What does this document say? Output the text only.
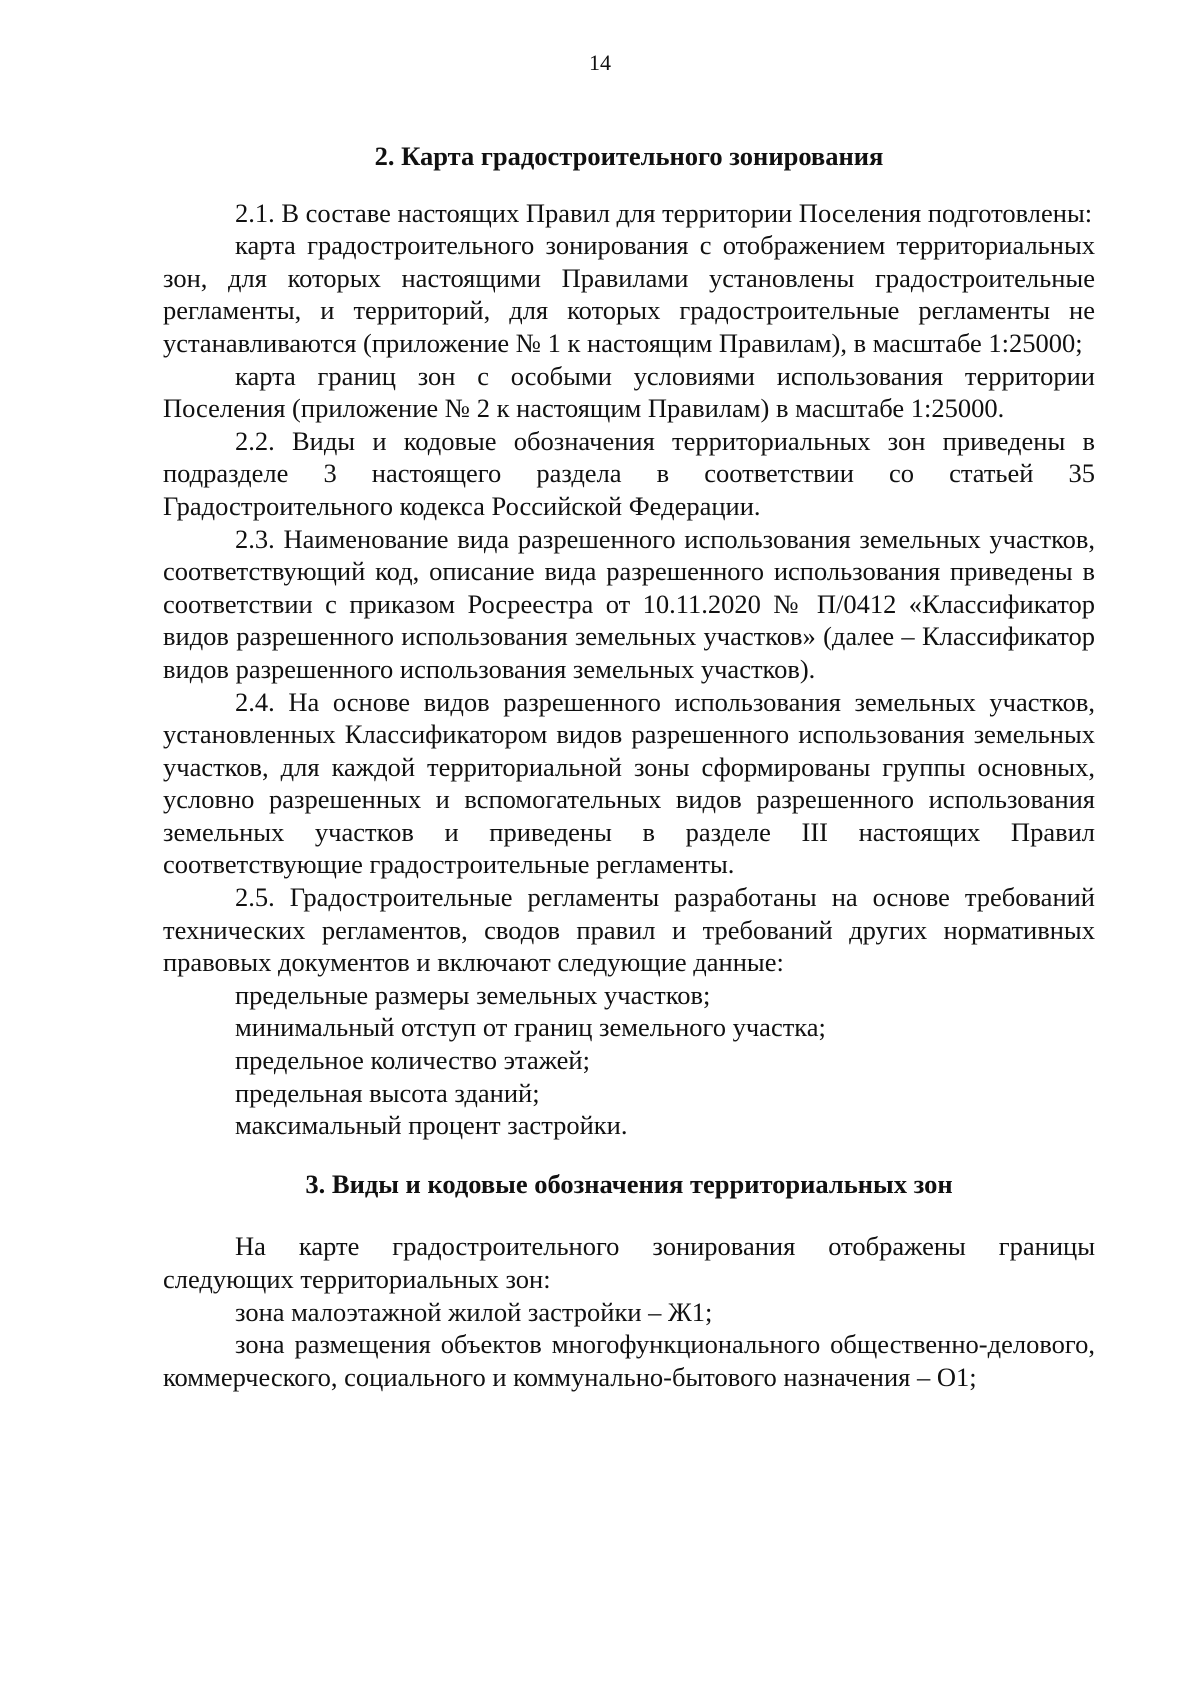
14
2. Карта градостроительного зонирования

2.1. В составе настоящих Правил для территории Поселения подготовлены:

карта градостроительного зонирования с отображением территориальных зон, для которых настоящими Правилами установлены градостроительные регламенты, и территорий, для которых градостроительные регламенты не устанавливаются (приложение № 1 к настоящим Правилам), в масштабе 1:25000;

карта границ зон с особыми условиями использования территории Поселения (приложение № 2 к настоящим Правилам) в масштабе 1:25000.

2.2. Виды и кодовые обозначения территориальных зон приведены в подразделе 3 настоящего раздела в соответствии со статьей 35 Градостроительного кодекса Российской Федерации.

2.3. Наименование вида разрешенного использования земельных участков, соответствующий код, описание вида разрешенного использования приведены в соответствии с приказом Росреестра от 10.11.2020 № П/0412 «Классификатор видов разрешенного использования земельных участков» (далее – Классификатор видов разрешенного использования земельных участков).

2.4. На основе видов разрешенного использования земельных участков, установленных Классификатором видов разрешенного использования земельных участков, для каждой территориальной зоны сформированы группы основных, условно разрешенных и вспомогательных видов разрешенного использования земельных участков и приведены в разделе III настоящих Правил соответствующие градостроительные регламенты.

2.5. Градостроительные регламенты разработаны на основе требований технических регламентов, сводов правил и требований других нормативных правовых документов и включают следующие данные:

предельные размеры земельных участков;

минимальный отступ от границ земельного участка;

предельное количество этажей;

предельная высота зданий;

максимальный процент застройки.

3. Виды и кодовые обозначения территориальных зон

На карте градостроительного зонирования отображены границы следующих территориальных зон:

зона малоэтажной жилой застройки – Ж1;

зона размещения объектов многофункционального общественно-делового, коммерческого, социального и коммунально-бытового назначения – О1;
